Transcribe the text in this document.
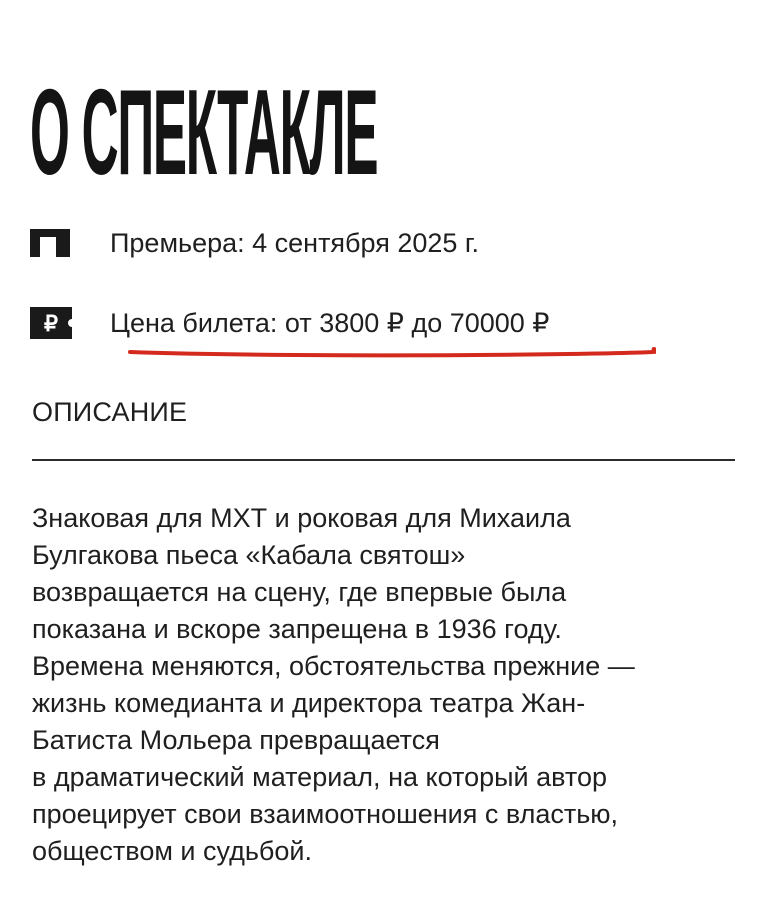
О СПЕКТАКЛЕ
Премьера: 4 сентября 2025 г.
₽ Цена билета: от 3800 ₽ до 70000 ₽
ОПИСАНИЕ

Знаковая для МХТ и роковая для Михаила
Булгакова пьеса «Кабала святош»
возвращается на сцену, где впервые была
показана и вскоре запрещена в 1936 году.
Времена меняются, обстоятельства прежние —
жизнь комедианта и директора театра Жан-
Батиста Мольера превращается
в драматический материал, на который автор
проецирует свои взаимоотношения с властью,
обществом и судьбой.
